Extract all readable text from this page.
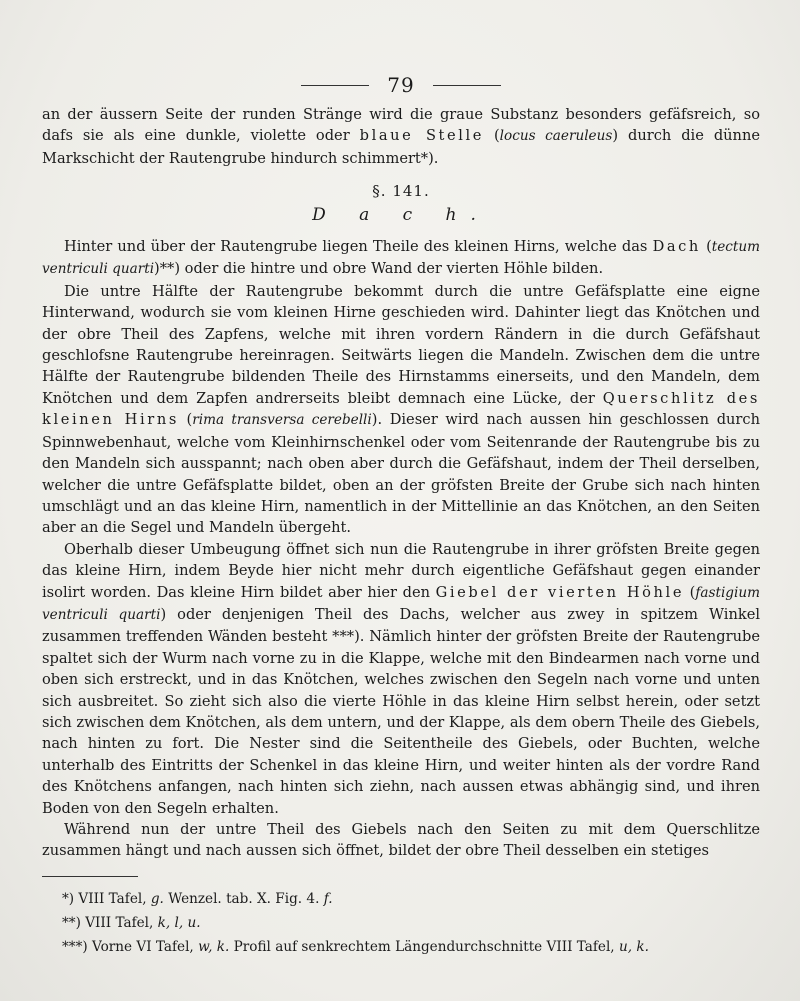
79

an der äussern Seite der runden Stränge wird die graue Substanz besonders gefäfsreich, so dafs sie als eine dunkle, violette oder blaue Stelle (locus caeruleus) durch die dünne Markschicht der Rautengrube hindurch schimmert*).

§. 141.
D a c h.

Hinter und über der Rautengrube liegen Theile des kleinen Hirns, welche das Dach (tectum ventriculi quarti)**) oder die hintre und obre Wand der vierten Höhle bilden.

Die untre Hälfte der Rautengrube bekommt durch die untre Gefäfsplatte eine eigne Hinterwand, wodurch sie vom kleinen Hirne geschieden wird. Dahinter liegt das Knötchen und der obre Theil des Zapfens, welche mit ihren vordern Rändern in die durch Gefäfshaut geschlofsne Rautengrube hereinragen. Seitwärts liegen die Mandeln. Zwischen dem die untre Hälfte der Rautengrube bildenden Theile des Hirnstamms einerseits, und den Mandeln, dem Knötchen und dem Zapfen andrerseits bleibt demnach eine Lücke, der Querschlitz des kleinen Hirns (rima transversa cerebelli). Dieser wird nach aussen hin geschlossen durch Spinnwebenhaut, welche vom Kleinhirnschenkel oder vom Seitenrande der Rautengrube bis zu den Mandeln sich ausspannt; nach oben aber durch die Gefäfshaut, indem der Theil derselben, welcher die untre Gefäfsplatte bildet, oben an der gröfsten Breite der Grube sich nach hinten umschlägt und an das kleine Hirn, namentlich in der Mittellinie an das Knötchen, an den Seiten aber an die Segel und Mandeln übergeht.

Oberhalb dieser Umbeugung öffnet sich nun die Rautengrube in ihrer gröfsten Breite gegen das kleine Hirn, indem Beyde hier nicht mehr durch eigentliche Gefäfshaut gegen einander isolirt worden. Das kleine Hirn bildet aber hier den Giebel der vierten Höhle (fastigium ventriculi quarti) oder denjenigen Theil des Dachs, welcher aus zwey in spitzem Winkel zusammen treffenden Wänden besteht ***). Nämlich hinter der gröfsten Breite der Rautengrube spaltet sich der Wurm nach vorne zu in die Klappe, welche mit den Bindearmen nach vorne und oben sich erstreckt, und in das Knötchen, welches zwischen den Segeln nach vorne und unten sich ausbreitet. So zieht sich also die vierte Höhle in das kleine Hirn selbst herein, oder setzt sich zwischen dem Knötchen, als dem untern, und der Klappe, als dem obern Theile des Giebels, nach hinten zu fort. Die Nester sind die Seitentheile des Giebels, oder Buchten, welche unterhalb des Eintritts der Schenkel in das kleine Hirn, und weiter hinten als der vordre Rand des Knötchens anfangen, nach hinten sich ziehn, nach aussen etwas abhängig sind, und ihren Boden von den Segeln erhalten.

Während nun der untre Theil des Giebels nach den Seiten zu mit dem Querschlitze zusammen hängt und nach aussen sich öffnet, bildet der obre Theil desselben ein stetiges

*) VIII Tafel, g. Wenzel. tab. X. Fig. 4. f.
**) VIII Tafel, k, l, u.
***) Vorne VI Tafel, w, k. Profil auf senkrechtem Längendurchschnitte VIII Tafel, u, k.
